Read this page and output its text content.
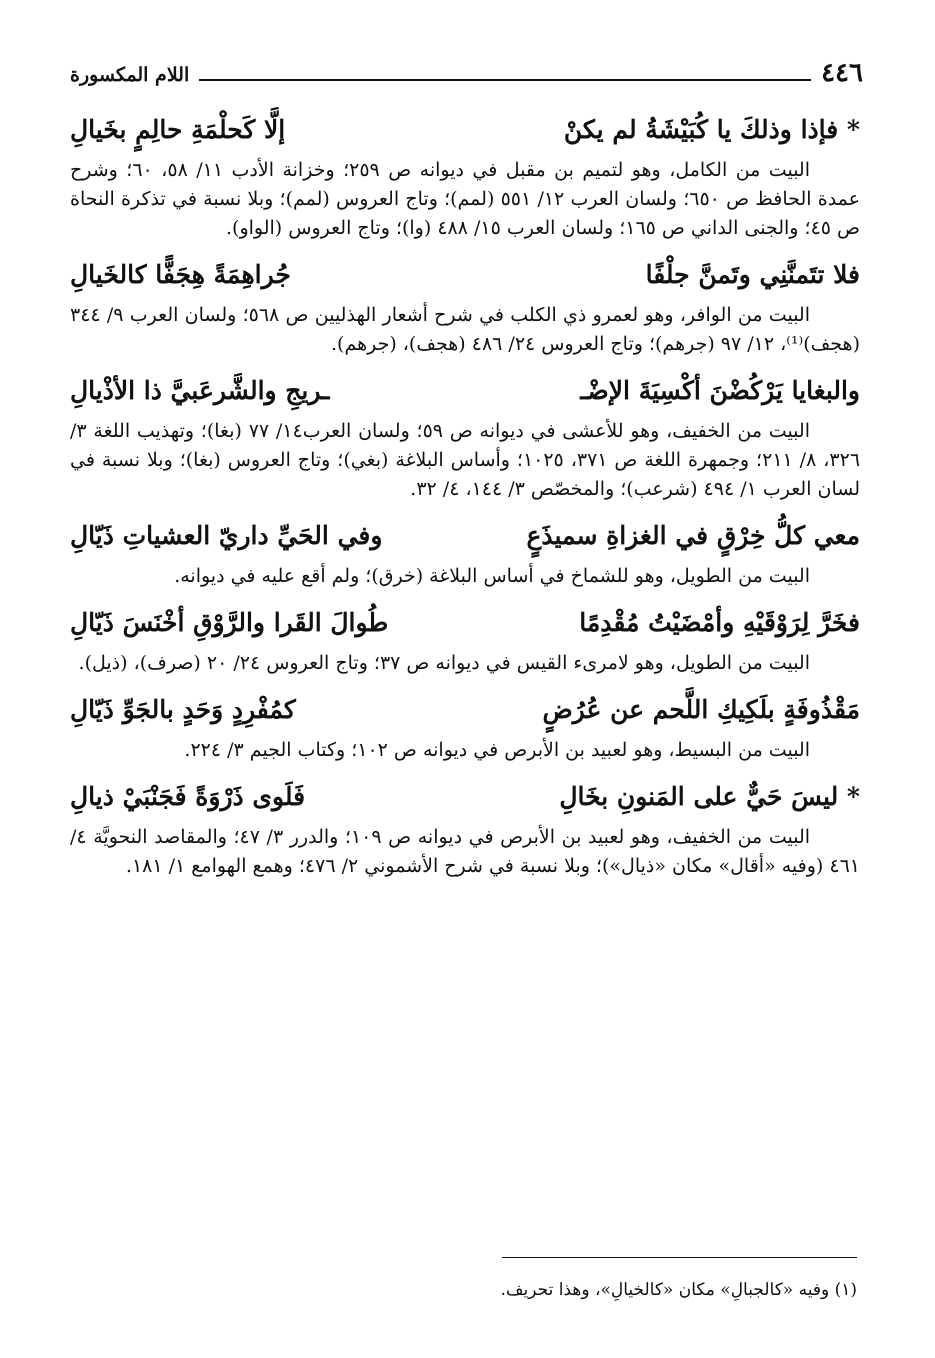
٤٤٦
اللام المكسورة
* فإذا وذلكَ يا كُبَيْشَةُ لم يكنْ
إلَّا كَحلْمَةِ حالِمٍ بخَيالِ

البيت من الكامل، وهو لتميم بن مقبل في ديوانه ص ٢٥٩؛ وخزانة الأدب ١١/ ٥٨، ٦٠؛ وشرح عمدة الحافظ ص ٦٥٠؛ ولسان العرب ١٢/ ٥٥١ (لمم)؛ وتاج العروس (لمم)؛ وبلا نسبة في تذكرة النحاة ص ٤٥؛ والجنى الداني ص ١٦٥؛ ولسان العرب ١٥/ ٤٨٨ (وا)؛ وتاج العروس (الواو).

فلا تتَمنَّنِي وتَمنَّ جلْفًا
جُراهِمَةً هِجَفًّا كالخَيالِ

البيت من الوافر، وهو لعمرو ذي الكلب في شرح أشعار الهذليين ص ٥٦٨؛ ولسان العرب ٩/ ٣٤٤ (هجف)⁽¹⁾، ١٢/ ٩٧ (جرهم)؛ وتاج العروس ٢٤/ ٤٨٦ (هجف)، (جرهم).

والبغايا يَرْكُضْنَ أكْسِيَةَ الإضْـ
ـريجِ والشَّرعَبيَّ ذا الأذْيالِ

البيت من الخفيف، وهو للأعشى في ديوانه ص ٥٩؛ ولسان العرب١٤/ ٧٧ (بغا)؛ وتهذيب اللغة ٣/ ٣٢٦، ٨/ ٢١١؛ وجمهرة اللغة ص ٣٧١، ١٠٢٥؛ وأساس البلاغة (بغي)؛ وتاج العروس (بغا)؛ وبلا نسبة في لسان العرب ١/ ٤٩٤ (شرعب)؛ والمخصّص ٣/ ١٤٤، ٤/ ٣٢.

معي كلُّ خِرْقٍ في الغزاةِ سميذَعٍ
وفي الحَيِّ داريّ العشياتِ ذَيّالِ

البيت من الطويل، وهو للشماخ في أساس البلاغة (خرق)؛ ولم أقع عليه في ديوانه.

فخَرَّ لِرَوْقَيْهِ وأمْضَيْتُ مُقْدِمًا
طُوالَ القَرا والرَّوْقِ أخْنَسَ ذَيّالِ

البيت من الطويل، وهو لامرىء القيس في ديوانه ص ٣٧؛ وتاج العروس ٢٤/ ٢٠ (صرف)، (ذيل).

مَقْذُوفَةٍ بلَكِيكِ اللَّحم عن عُرُضٍ
كمُفْرِدٍ وَحَدٍ بالجَوِّ ذَيّالِ

البيت من البسيط، وهو لعبيد بن الأبرص في ديوانه ص ١٠٢؛ وكتاب الجيم ٣/ ٢٢٤.

* ليسَ حَيٌّ على المَنونِ بخَالِ
فَلَوى ذَرْوَةً فَجَنْبَيْ ذيالِ

البيت من الخفيف، وهو لعبيد بن الأبرص في ديوانه ص ١٠٩؛ والدرر ٣/ ٤٧؛ والمقاصد النحويَّة ٤/ ٤٦١ (وفيه «أقال» مكان «ذيال»)؛ وبلا نسبة في شرح الأشموني ٢/ ٤٧٦؛ وهمع الهوامع ١/ ١٨١.

(١) وفيه «كالجبالِ» مكان «كالخيالِ»، وهذا تحريف.
